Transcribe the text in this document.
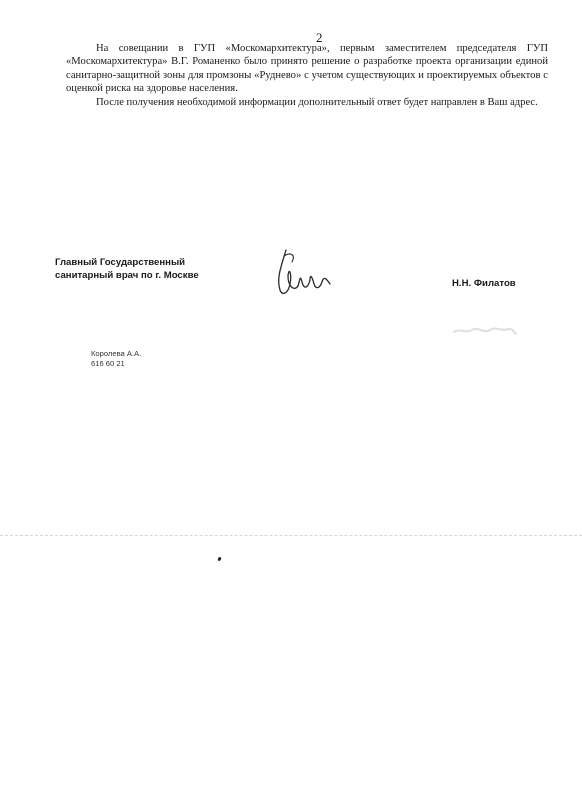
2

На совещании в ГУП «Москомархитектура», первым заместителем председателя ГУП «Москомархитектура» В.Г. Романенко было принято решение о разработке проекта организации единой санитарно-защитной зоны для промзоны «Руднево» с учетом существующих и проектируемых объектов с оценкой риска на здоровье населения.

После получения необходимой информации дополнительный ответ будет направлен в Ваш адрес.

Главный Государственный
санитарный врач по г. Москве
Н.Н. Филатов
Королева А.А.
616 60 21
